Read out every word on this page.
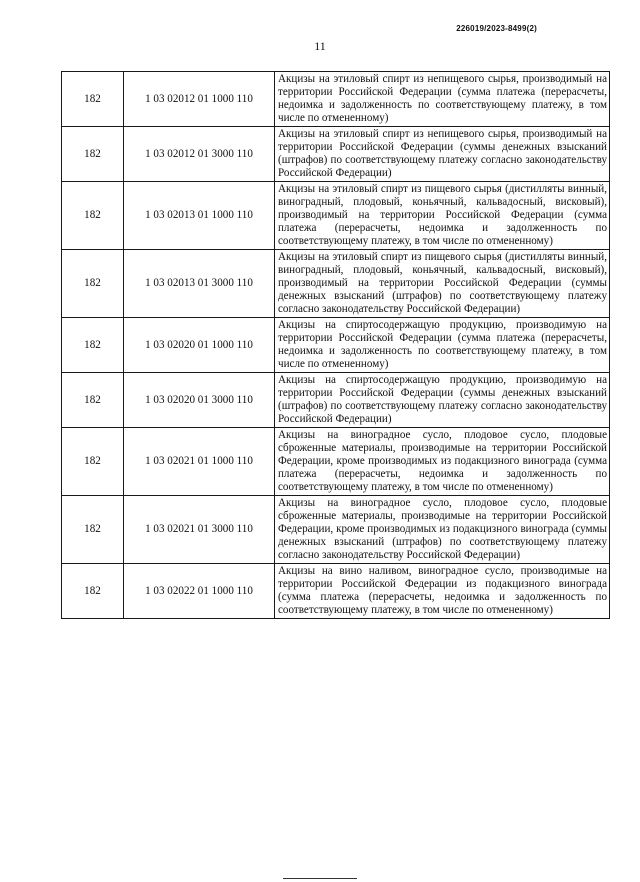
226019/2023-8499(2)
11
182	1 03 02012 01 1000 110	Акцизы на этиловый спирт из непищевого сырья, производимый на территории Российской Федерации (сумма платежа (перерасчеты, недоимка и задолженность по соответствующему платежу, в том числе по отмененному)
182	1 03 02012 01 3000 110	Акцизы на этиловый спирт из непищевого сырья, производимый на территории Российской Федерации (суммы денежных взысканий (штрафов) по соответствующему платежу согласно законодательству Российской Федерации)
182	1 03 02013 01 1000 110	Акцизы на этиловый спирт из пищевого сырья (дистилляты винный, виноградный, плодовый, коньячный, кальвадосный, висковый), производимый на территории Российской Федерации (сумма платежа (перерасчеты, недоимка и задолженность по соответствующему платежу, в том числе по отмененному)
182	1 03 02013 01 3000 110	Акцизы на этиловый спирт из пищевого сырья (дистилляты винный, виноградный, плодовый, коньячный, кальвадосный, висковый), производимый на территории Российской Федерации (суммы денежных взысканий (штрафов) по соответствующему платежу согласно законодательству Российской Федерации)
182	1 03 02020 01 1000 110	Акцизы на спиртосодержащую продукцию, производимую на территории Российской Федерации (сумма платежа (перерасчеты, недоимка и задолженность по соответствующему платежу, в том числе по отмененному)
182	1 03 02020 01 3000 110	Акцизы на спиртосодержащую продукцию, производимую на территории Российской Федерации (суммы денежных взысканий (штрафов) по соответствующему платежу согласно законодательству Российской Федерации)
182	1 03 02021 01 1000 110	Акцизы на виноградное сусло, плодовое сусло, плодовые сброженные материалы, производимые на территории Российской Федерации, кроме производимых из подакцизного винограда (сумма платежа (перерасчеты, недоимка и задолженность по соответствующему платежу, в том числе по отмененному)
182	1 03 02021 01 3000 110	Акцизы на виноградное сусло, плодовое сусло, плодовые сброженные материалы, производимые на территории Российской Федерации, кроме производимых из подакцизного винограда (суммы денежных взысканий (штрафов) по соответствующему платежу согласно законодательству Российской Федерации)
182	1 03 02022 01 1000 110	Акцизы на вино наливом, виноградное сусло, производимые на территории Российской Федерации из подакцизного винограда (сумма платежа (перерасчеты, недоимка и задолженность по соответствующему платежу, в том числе по отмененному)
